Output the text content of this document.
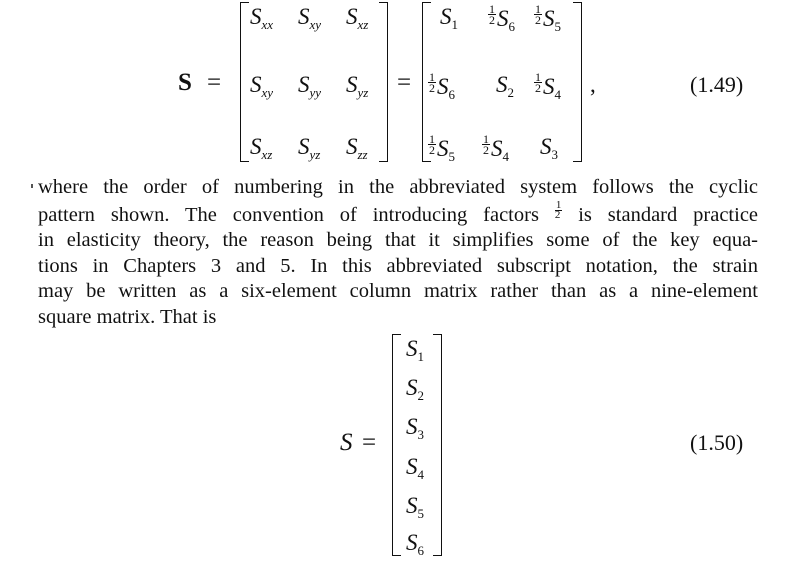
S =
$S_{xx}$ $S_{xy}$ $S_{xz}$
$S_{xy}$ $S_{yy}$ $S_{yz}$
$S_{xz}$ $S_{yz}$ $S_{zz}$
=
$S_1$	$\frac{1}{2} S_6$
$\frac{1}{2} S_5$
$\frac{1}{2} S_6$ $S_2 \frac{1}{2} S_4$
$\frac{1}{2} S_5$
$\frac{1}{2} S_4$ $S_3$
,	(1.49)
where the order of numbering in the abbreviated system follows the cyclic
pattern shown. The convention of introducing factors $\frac{1}{2}$ is standard practice
in elasticity theory, the reason being that it simplifies some of the key equa-
tions in Chapters 3 and 5. In this abbreviated subscript notation, the strain
may be written as a six-element column matrix rather than as a nine-element
square matrix. That is
S =
$S_1$
$S_2$
$S_3$
$S_4$
$S_5$
$S_6$
(1.50)
